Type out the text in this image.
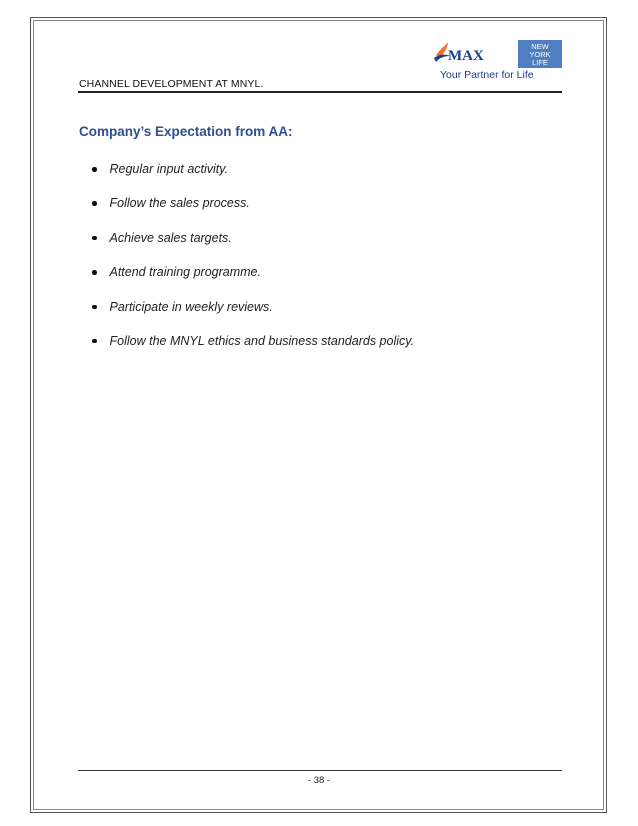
CHANNEL DEVELOPMENT AT MNYL.
MAX
NEW
YORK
LIFE
Your Partner for Life
Company’s Expectation from AA:
Regular input activity.
Follow the sales process.
Achieve sales targets.
Attend training programme.
Participate in weekly reviews.
Follow the MNYL ethics and business standards policy.
- 38 -
